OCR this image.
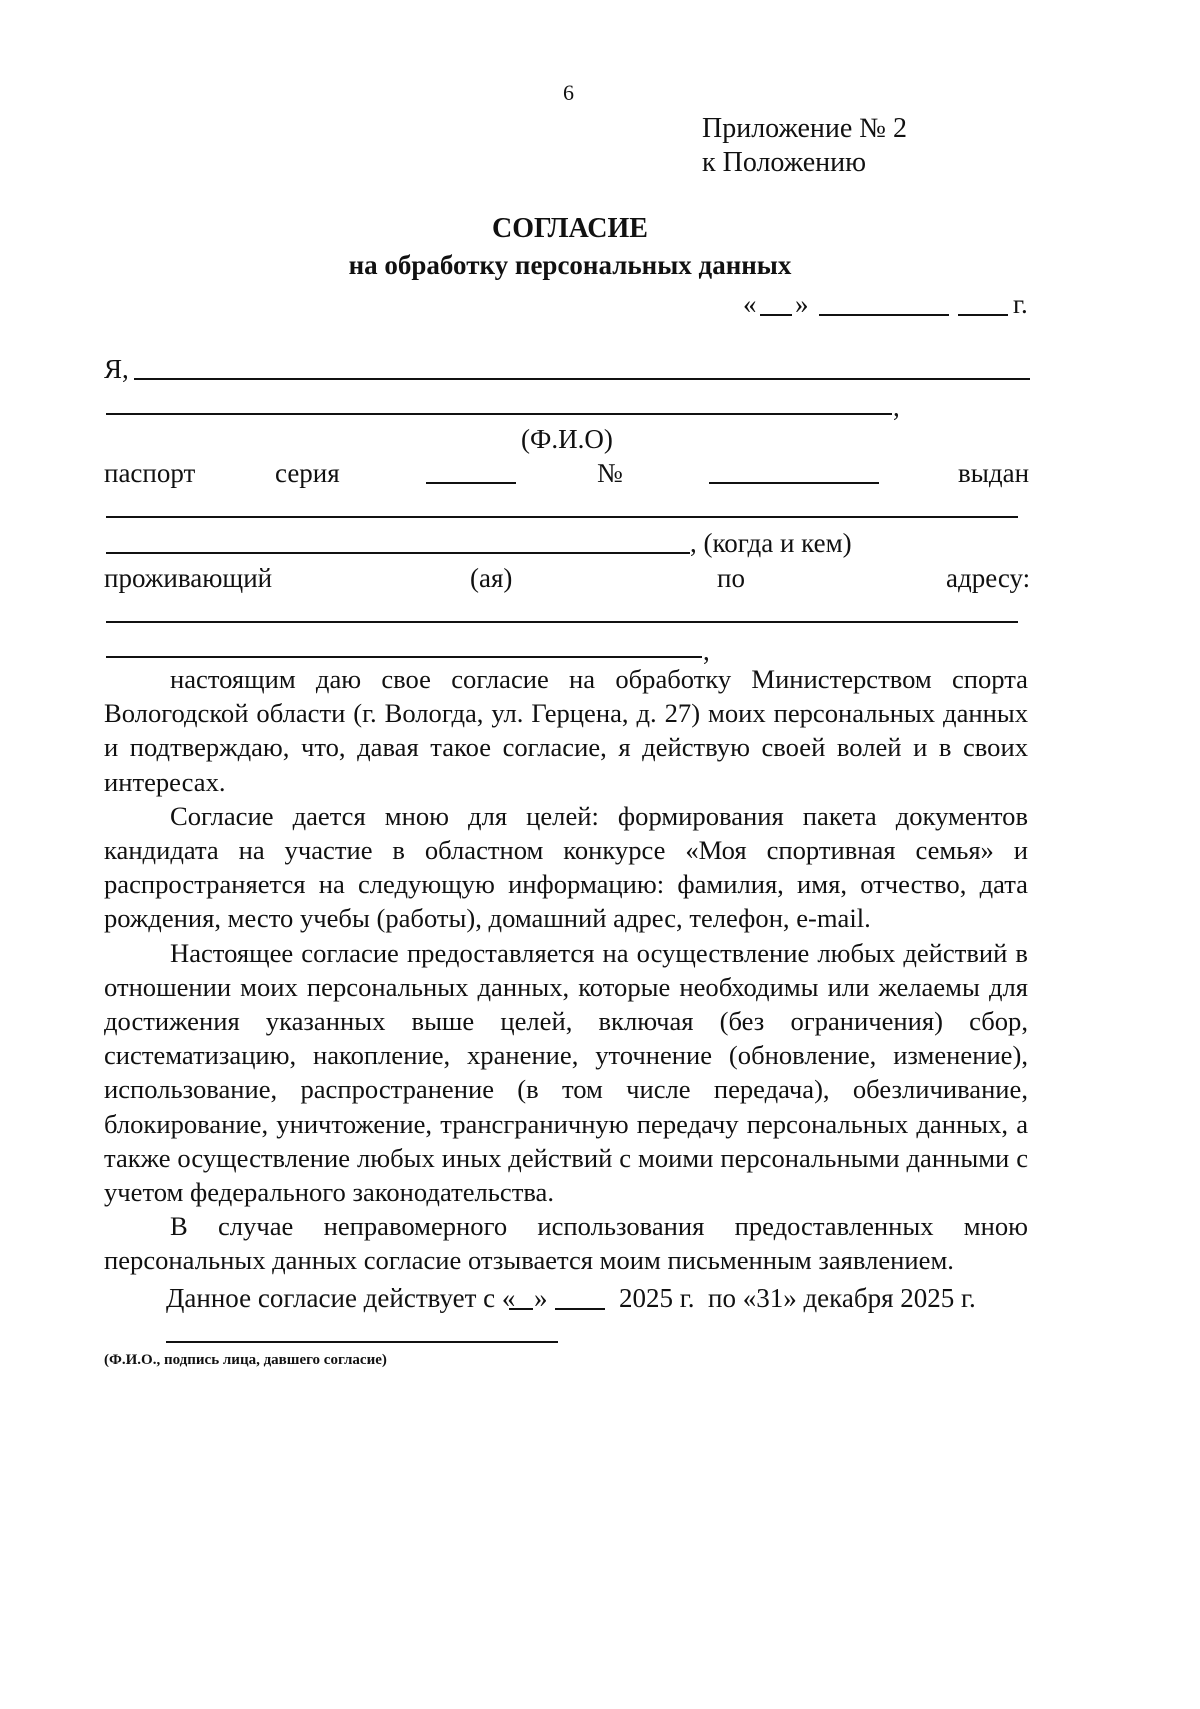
6
Приложение № 2
к Положению
СОГЛАСИЕ
на обработку персональных данных
« »	г.
Я,
,
(Ф.И.О)
паспорт	серия	№	выдан
, (когда и кем)
проживающий	(ая)	по	адресу:
,

настоящим даю свое согласие на обработку Министерством спорта Вологодской области (г. Вологда, ул. Герцена, д. 27) моих персональных данных и подтверждаю, что, давая такое согласие, я действую своей волей и в своих интересах.

Согласие дается мною для целей: формирования пакета документов кандидата на участие в областном конкурсе «Моя спортивная семья» и распространяется на следующую информацию: фамилия, имя, отчество, дата рождения, место учебы (работы), домашний адрес, телефон, e-mail.

Настоящее согласие предоставляется на осуществление любых действий в отношении моих персональных данных, которые необходимы или желаемы для достижения указанных выше целей, включая (без ограничения) сбор, систематизацию, накопление, хранение, уточнение (обновление, изменение), использование, распространение (в том числе передача), обезличивание, блокирование, уничтожение, трансграничную передачу персональных данных, а также осуществление любых иных действий с моими персональными данными с учетом федерального законодательства.

В случае неправомерного использования предоставленных мною персональных данных согласие отзывается моим письменным заявлением.

Данное согласие действует с « »	2025 г. по «31» декабря 2025 г.
(Ф.И.О., подпись лица, давшего согласие)
